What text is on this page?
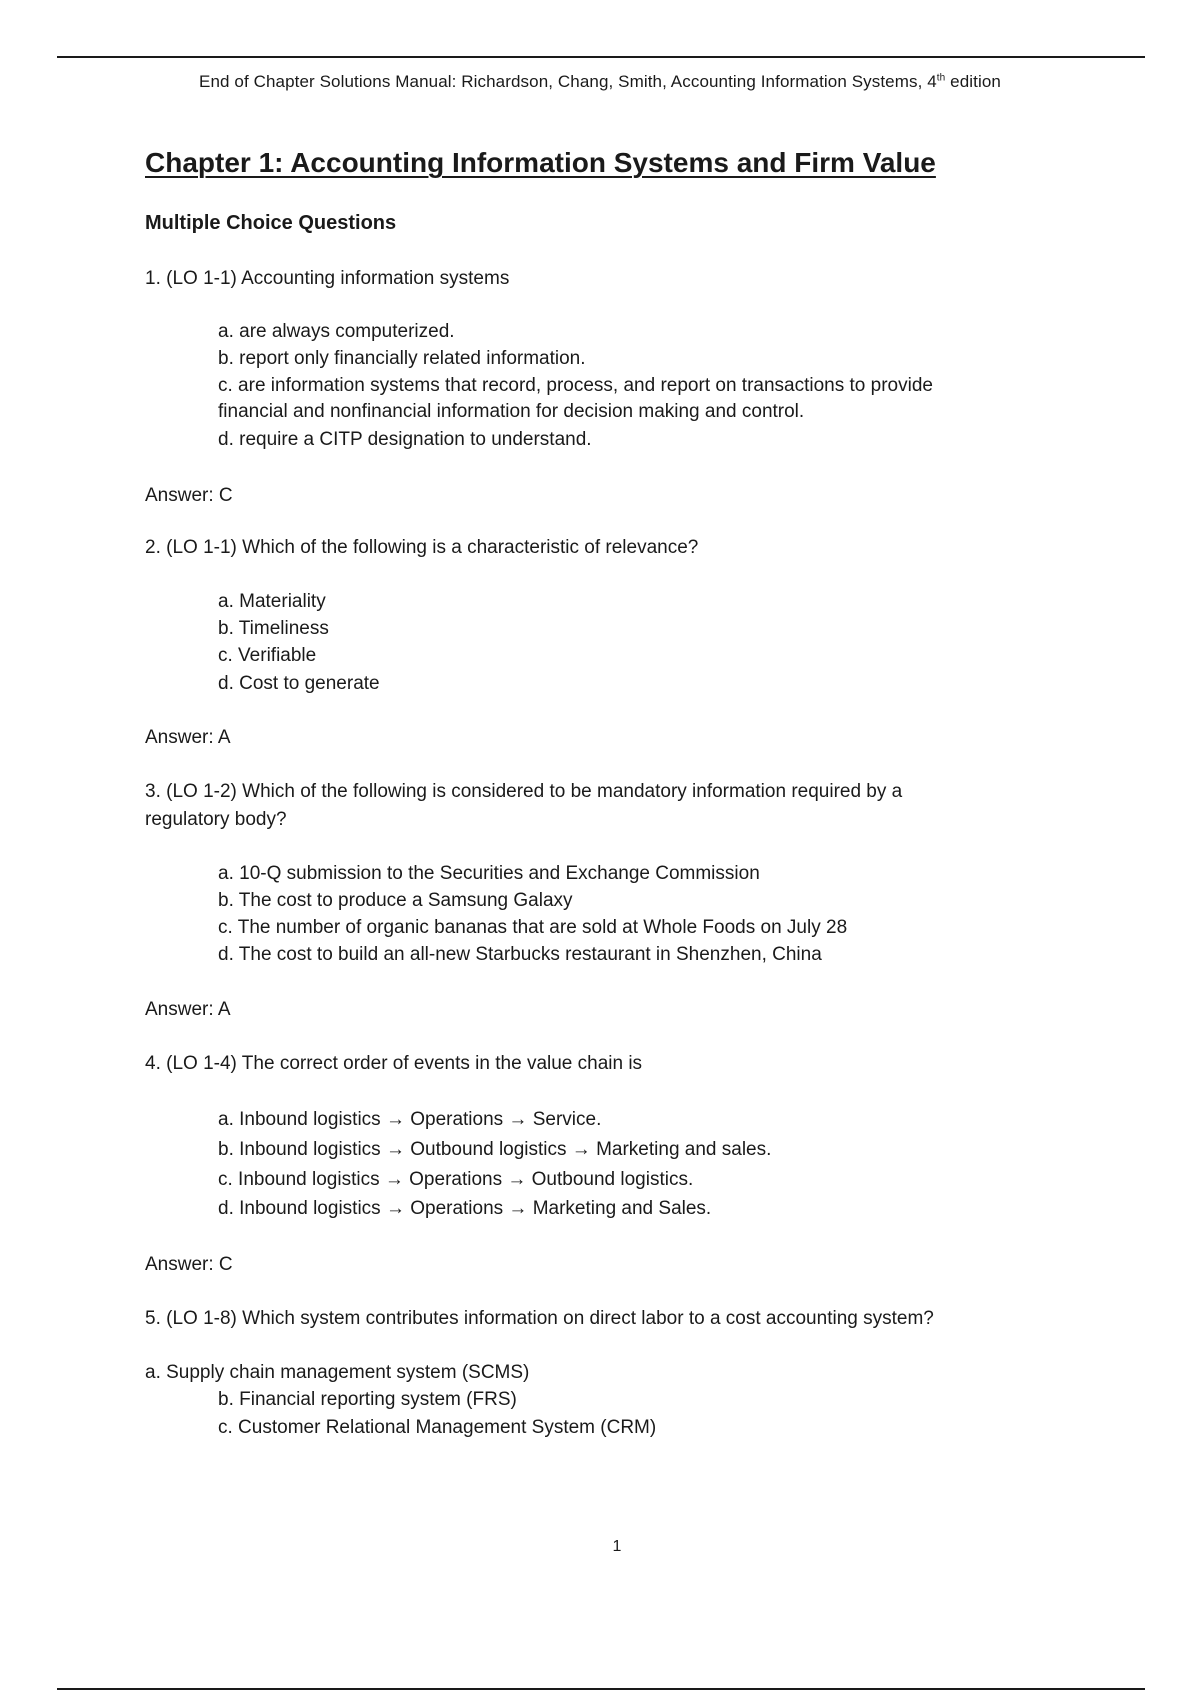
End of Chapter Solutions Manual: Richardson, Chang, Smith, Accounting Information Systems, 4th edition
Chapter 1: Accounting Information Systems and Firm Value
Multiple Choice Questions
1. (LO 1-1) Accounting information systems
a. are always computerized.
b. report only financially related information.
c. are information systems that record, process, and report on transactions to provide
financial and nonfinancial information for decision making and control.
d. require a CITP designation to understand.
Answer: C
2. (LO 1-1) Which of the following is a characteristic of relevance?
a. Materiality
b. Timeliness
c. Verifiable
d. Cost to generate
Answer: A
3. (LO 1-2) Which of the following is considered to be mandatory information required by a
regulatory body?
a. 10-Q submission to the Securities and Exchange Commission
b. The cost to produce a Samsung Galaxy
c. The number of organic bananas that are sold at Whole Foods on July 28
d. The cost to build an all-new Starbucks restaurant in Shenzhen, China
Answer: A
4. (LO 1-4) The correct order of events in the value chain is
a. Inbound logistics → Operations → Service.
b. Inbound logistics → Outbound logistics → Marketing and sales.
c. Inbound logistics → Operations → Outbound logistics.
d. Inbound logistics → Operations → Marketing and Sales.
Answer: C
5. (LO 1-8) Which system contributes information on direct labor to a cost accounting system?
a. Supply chain management system (SCMS)
b. Financial reporting system (FRS)
c. Customer Relational Management System (CRM)
1
